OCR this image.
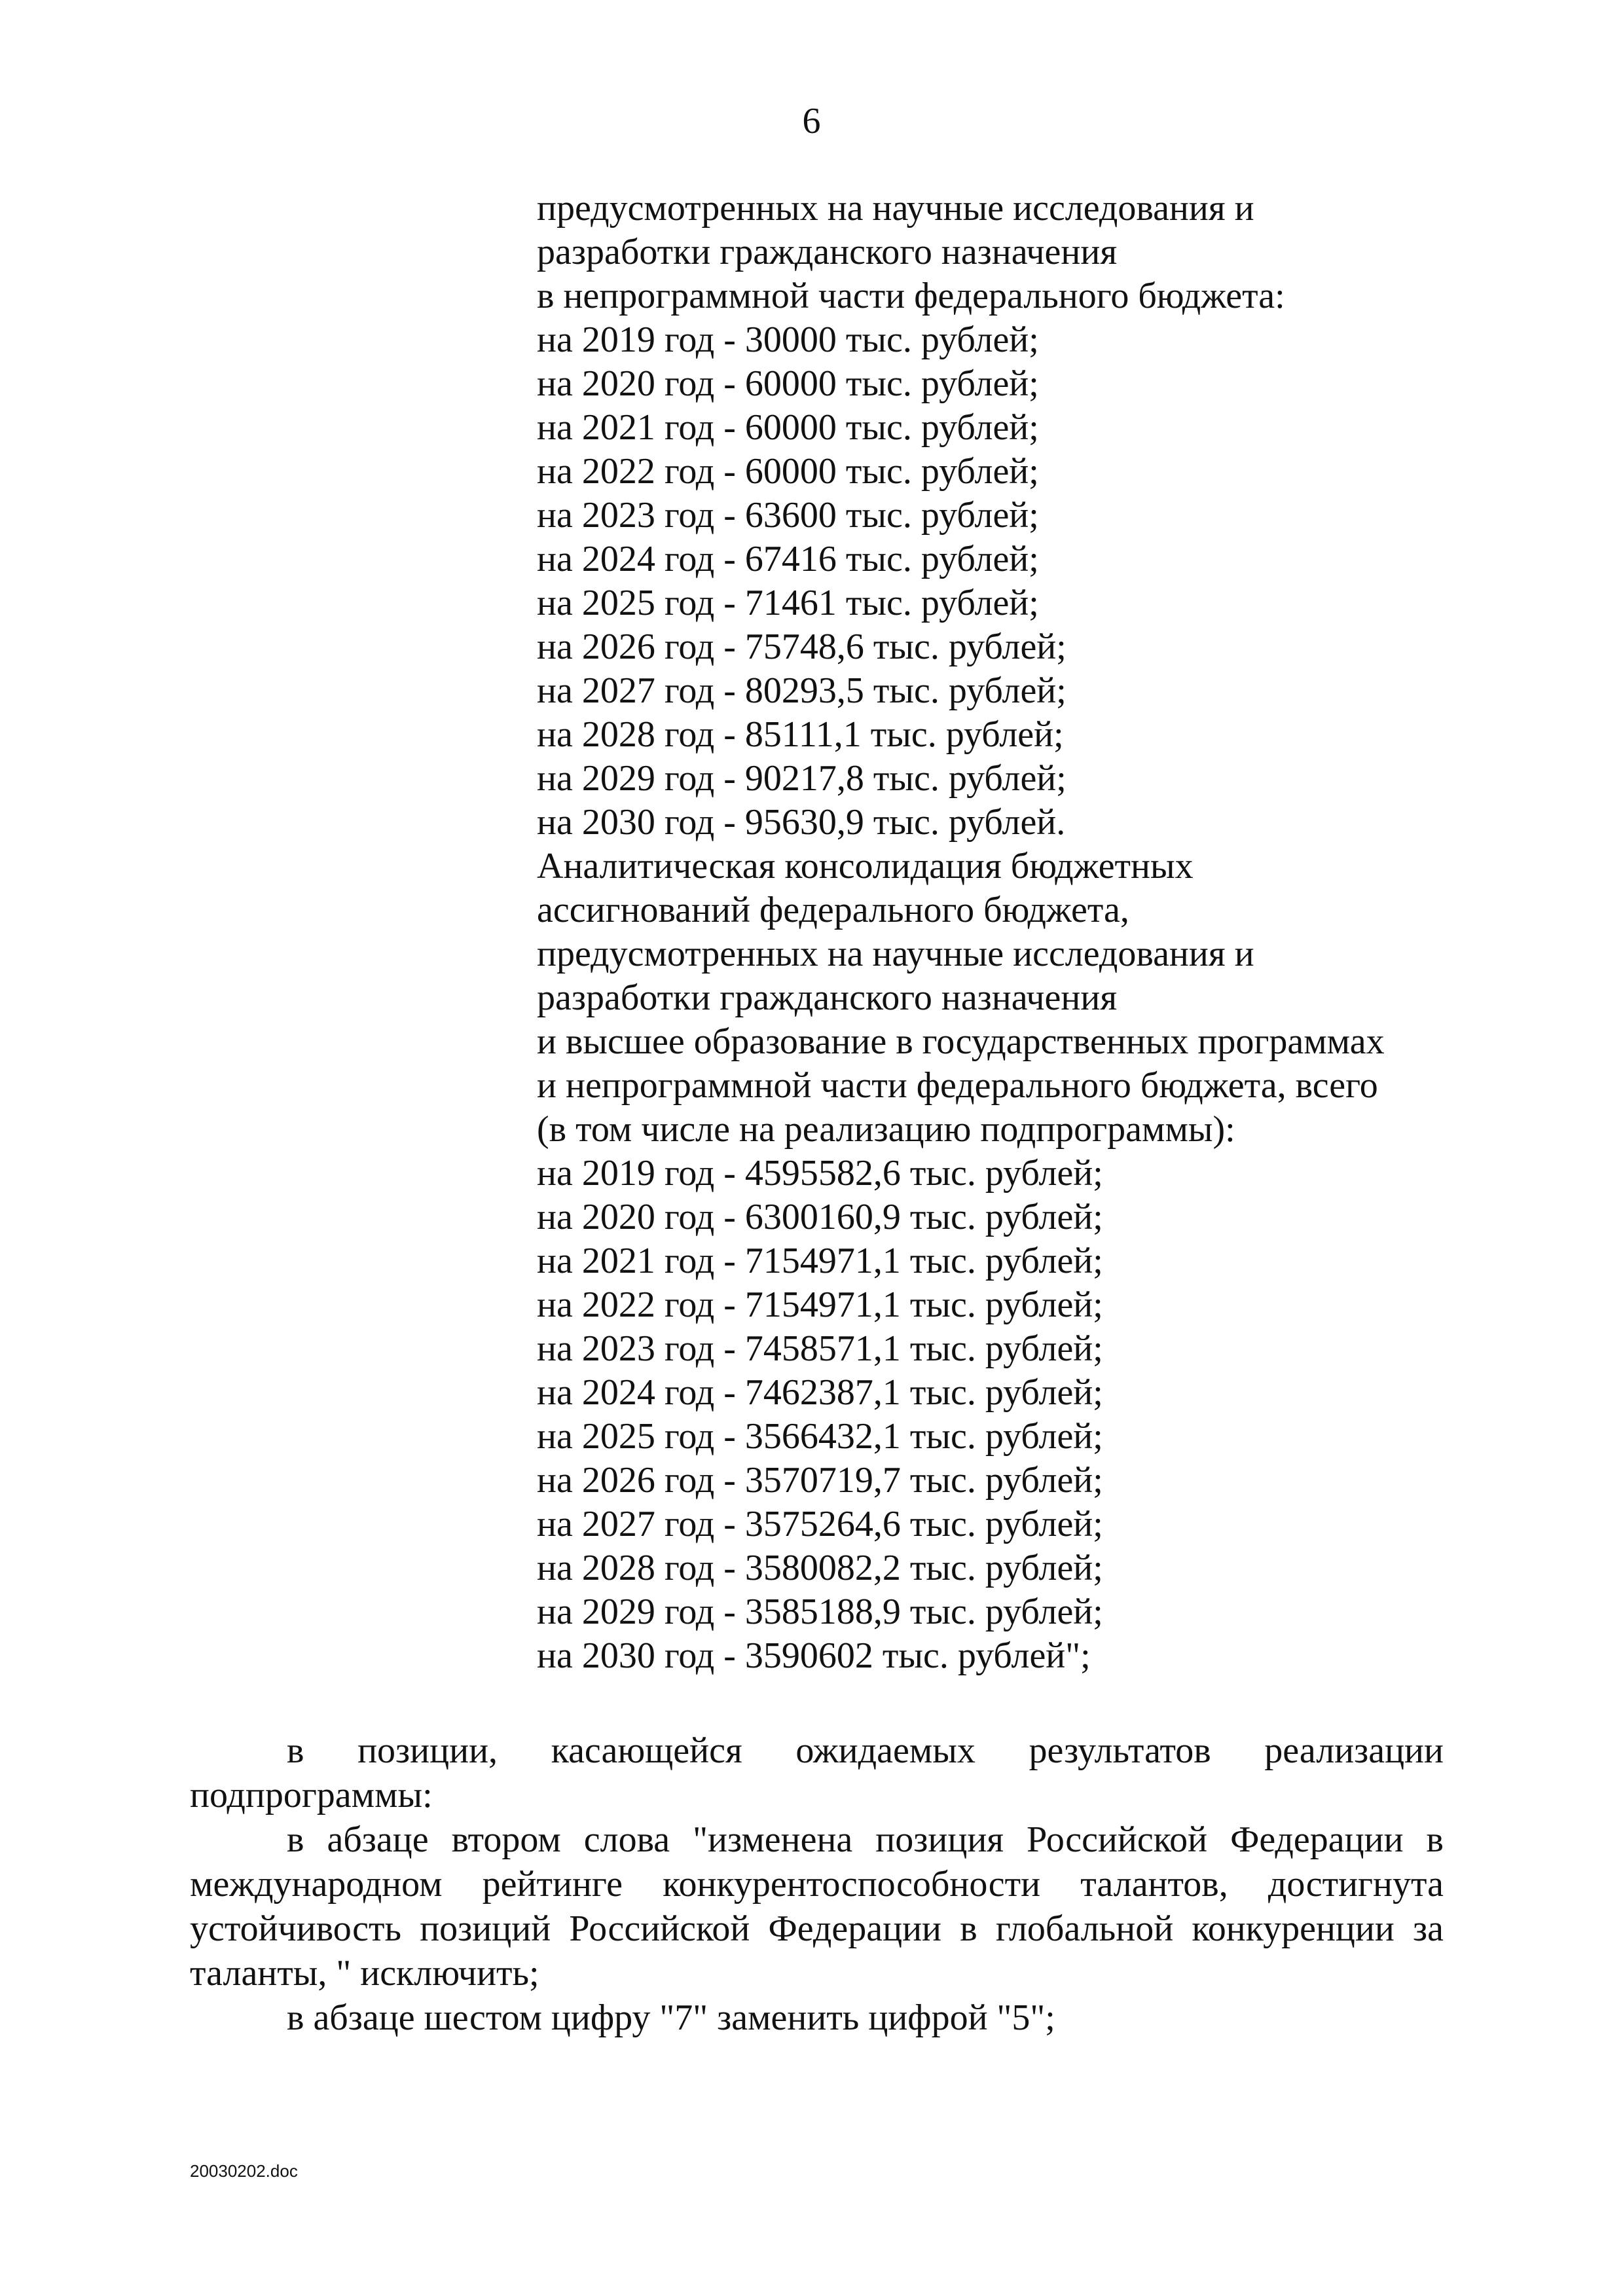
6
предусмотренных на научные исследования и
разработки гражданского назначения
в непрограммной части федерального бюджета:
на 2019 год - 30000 тыс. рублей;
на 2020 год - 60000 тыс. рублей;
на 2021 год - 60000 тыс. рублей;
на 2022 год - 60000 тыс. рублей;
на 2023 год - 63600 тыс. рублей;
на 2024 год - 67416 тыс. рублей;
на 2025 год - 71461 тыс. рублей;
на 2026 год - 75748,6 тыс. рублей;
на 2027 год - 80293,5 тыс. рублей;
на 2028 год - 85111,1 тыс. рублей;
на 2029 год - 90217,8 тыс. рублей;
на 2030 год - 95630,9 тыс. рублей.
Аналитическая консолидация бюджетных
ассигнований федерального бюджета,
предусмотренных на научные исследования и
разработки гражданского назначения
и высшее образование в государственных программах
и непрограммной части федерального бюджета, всего
(в том числе на реализацию подпрограммы):
на 2019 год - 4595582,6 тыс. рублей;
на 2020 год - 6300160,9 тыс. рублей;
на 2021 год - 7154971,1 тыс. рублей;
на 2022 год - 7154971,1 тыс. рублей;
на 2023 год - 7458571,1 тыс. рублей;
на 2024 год - 7462387,1 тыс. рублей;
на 2025 год - 3566432,1 тыс. рублей;
на 2026 год - 3570719,7 тыс. рублей;
на 2027 год - 3575264,6 тыс. рублей;
на 2028 год - 3580082,2 тыс. рублей;
на 2029 год - 3585188,9 тыс. рублей;
на 2030 год - 3590602 тыс. рублей";

в позиции, касающейся ожидаемых результатов реализации подпрограммы:

в абзаце втором слова "изменена позиция Российской Федерации в международном рейтинге конкурентоспособности талантов, достигнута устойчивость позиций Российской Федерации в глобальной конкуренции за таланты, " исключить;

в абзаце шестом цифру "7" заменить цифрой "5";

20030202.doc
